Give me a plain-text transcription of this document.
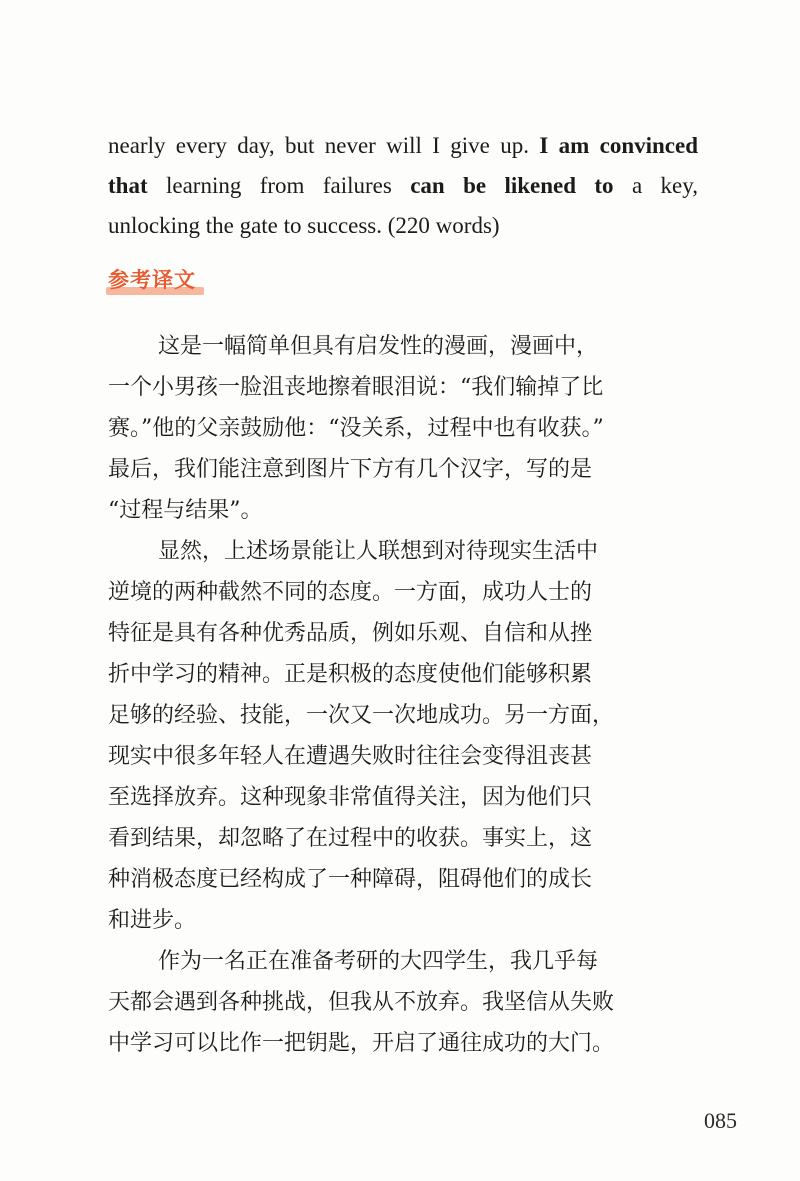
nearly every day, but never will I give up. I am convinced
that learning from failures can be likened to a key,
unlocking the gate to success. (220 words)
参考译文
这是一幅简单但具有启发性的漫画，漫画中，
一个小男孩一脸沮丧地擦着眼泪说：“我们输掉了比
赛。”他的父亲鼓励他：“没关系，过程中也有收获。”
最后，我们能注意到图片下方有几个汉字，写的是
“过程与结果”。
显然，上述场景能让人联想到对待现实生活中
逆境的两种截然不同的态度。一方面，成功人士的
特征是具有各种优秀品质，例如乐观、自信和从挫
折中学习的精神。正是积极的态度使他们能够积累
足够的经验、技能，一次又一次地成功。另一方面，
现实中很多年轻人在遭遇失败时往往会变得沮丧甚
至选择放弃。这种现象非常值得关注，因为他们只
看到结果，却忽略了在过程中的收获。事实上，这
种消极态度已经构成了一种障碍，阻碍他们的成长
和进步。
作为一名正在准备考研的大四学生，我几乎每
天都会遇到各种挑战，但我从不放弃。我坚信从失败
中学习可以比作一把钥匙，开启了通往成功的大门。
085
